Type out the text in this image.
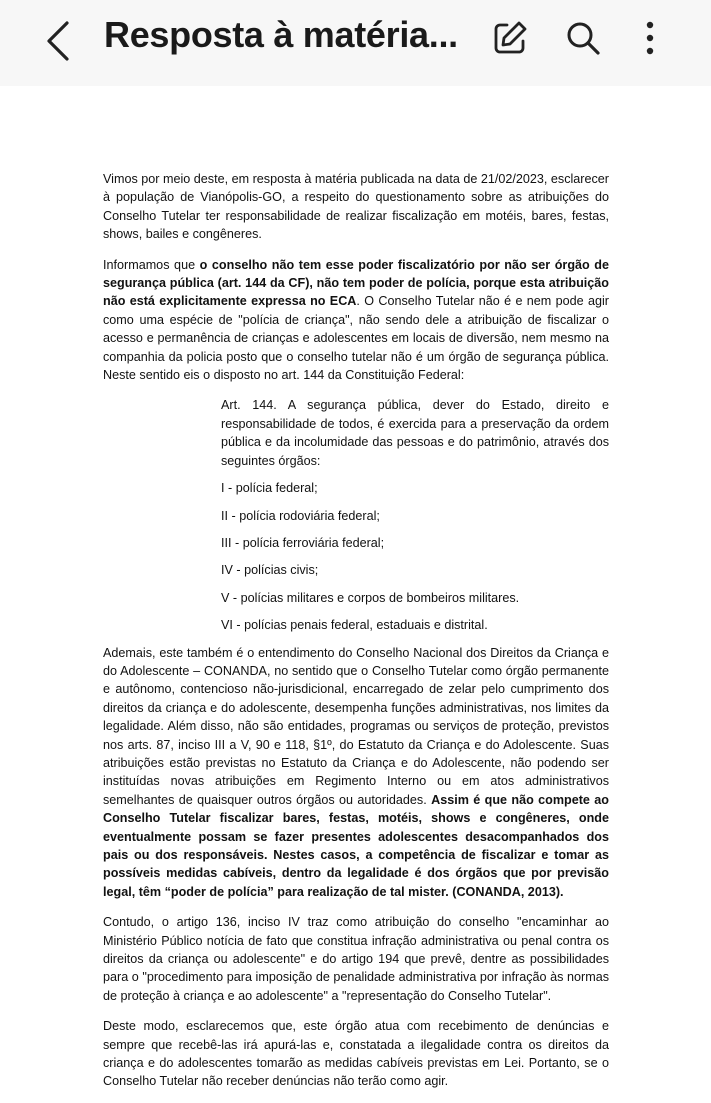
Resposta à matéria...

Vimos por meio deste, em resposta à matéria publicada na data de 21/02/2023, esclarecer à população de Vianópolis-GO, a respeito do questionamento sobre as atribuições do Conselho Tutelar ter responsabilidade de realizar fiscalização em motéis, bares, festas, shows, bailes e congêneres.

Informamos que o conselho não tem esse poder fiscalizatório por não ser órgão de segurança pública (art. 144 da CF), não tem poder de polícia, porque esta atribuição não está explicitamente expressa no ECA. O Conselho Tutelar não é e nem pode agir como uma espécie de "polícia de criança", não sendo dele a atribuição de fiscalizar o acesso e permanência de crianças e adolescentes em locais de diversão, nem mesmo na companhia da policia posto que o conselho tutelar não é um órgão de segurança pública. Neste sentido eis o disposto no art. 144 da Constituição Federal:

Art. 144. A segurança pública, dever do Estado, direito e responsabilidade de todos, é exercida para a preservação da ordem pública e da incolumidade das pessoas e do patrimônio, através dos seguintes órgãos:

I - polícia federal;

II - polícia rodoviária federal;

III - polícia ferroviária federal;

IV - polícias civis;

V - polícias militares e corpos de bombeiros militares.

VI - polícias penais federal, estaduais e distrital.

Ademais, este também é o entendimento do Conselho Nacional dos Direitos da Criança e do Adolescente – CONANDA, no sentido que o Conselho Tutelar como órgão permanente e autônomo, contencioso não-jurisdicional, encarregado de zelar pelo cumprimento dos direitos da criança e do adolescente, desempenha funções administrativas, nos limites da legalidade. Além disso, não são entidades, programas ou serviços de proteção, previstos nos arts. 87, inciso III a V, 90 e 118, §1º, do Estatuto da Criança e do Adolescente. Suas atribuições estão previstas no Estatuto da Criança e do Adolescente, não podendo ser instituídas novas atribuições em Regimento Interno ou em atos administrativos semelhantes de quaisquer outros órgãos ou autoridades. Assim é que não compete ao Conselho Tutelar fiscalizar bares, festas, motéis, shows e congêneres, onde eventualmente possam se fazer presentes adolescentes desacompanhados dos pais ou dos responsáveis. Nestes casos, a competência de fiscalizar e tomar as possíveis medidas cabíveis, dentro da legalidade é dos órgãos que por previsão legal, têm “poder de polícia” para realização de tal mister. (CONANDA, 2013).

Contudo, o artigo 136, inciso IV traz como atribuição do conselho "encaminhar ao Ministério Público notícia de fato que constitua infração administrativa ou penal contra os direitos da criança ou adolescente" e do artigo 194 que prevê, dentre as possibilidades para o "procedimento para imposição de penalidade administrativa por infração às normas de proteção à criança e ao adolescente" a "representação do Conselho Tutelar".

Deste modo, esclarecemos que, este órgão atua com recebimento de denúncias e sempre que recebê-las irá apurá-las e, constatada a ilegalidade contra os direitos da criança e do adolescentes tomarão as medidas cabíveis previstas em Lei. Portanto, se o Conselho Tutelar não receber denúncias não terão como agir.
